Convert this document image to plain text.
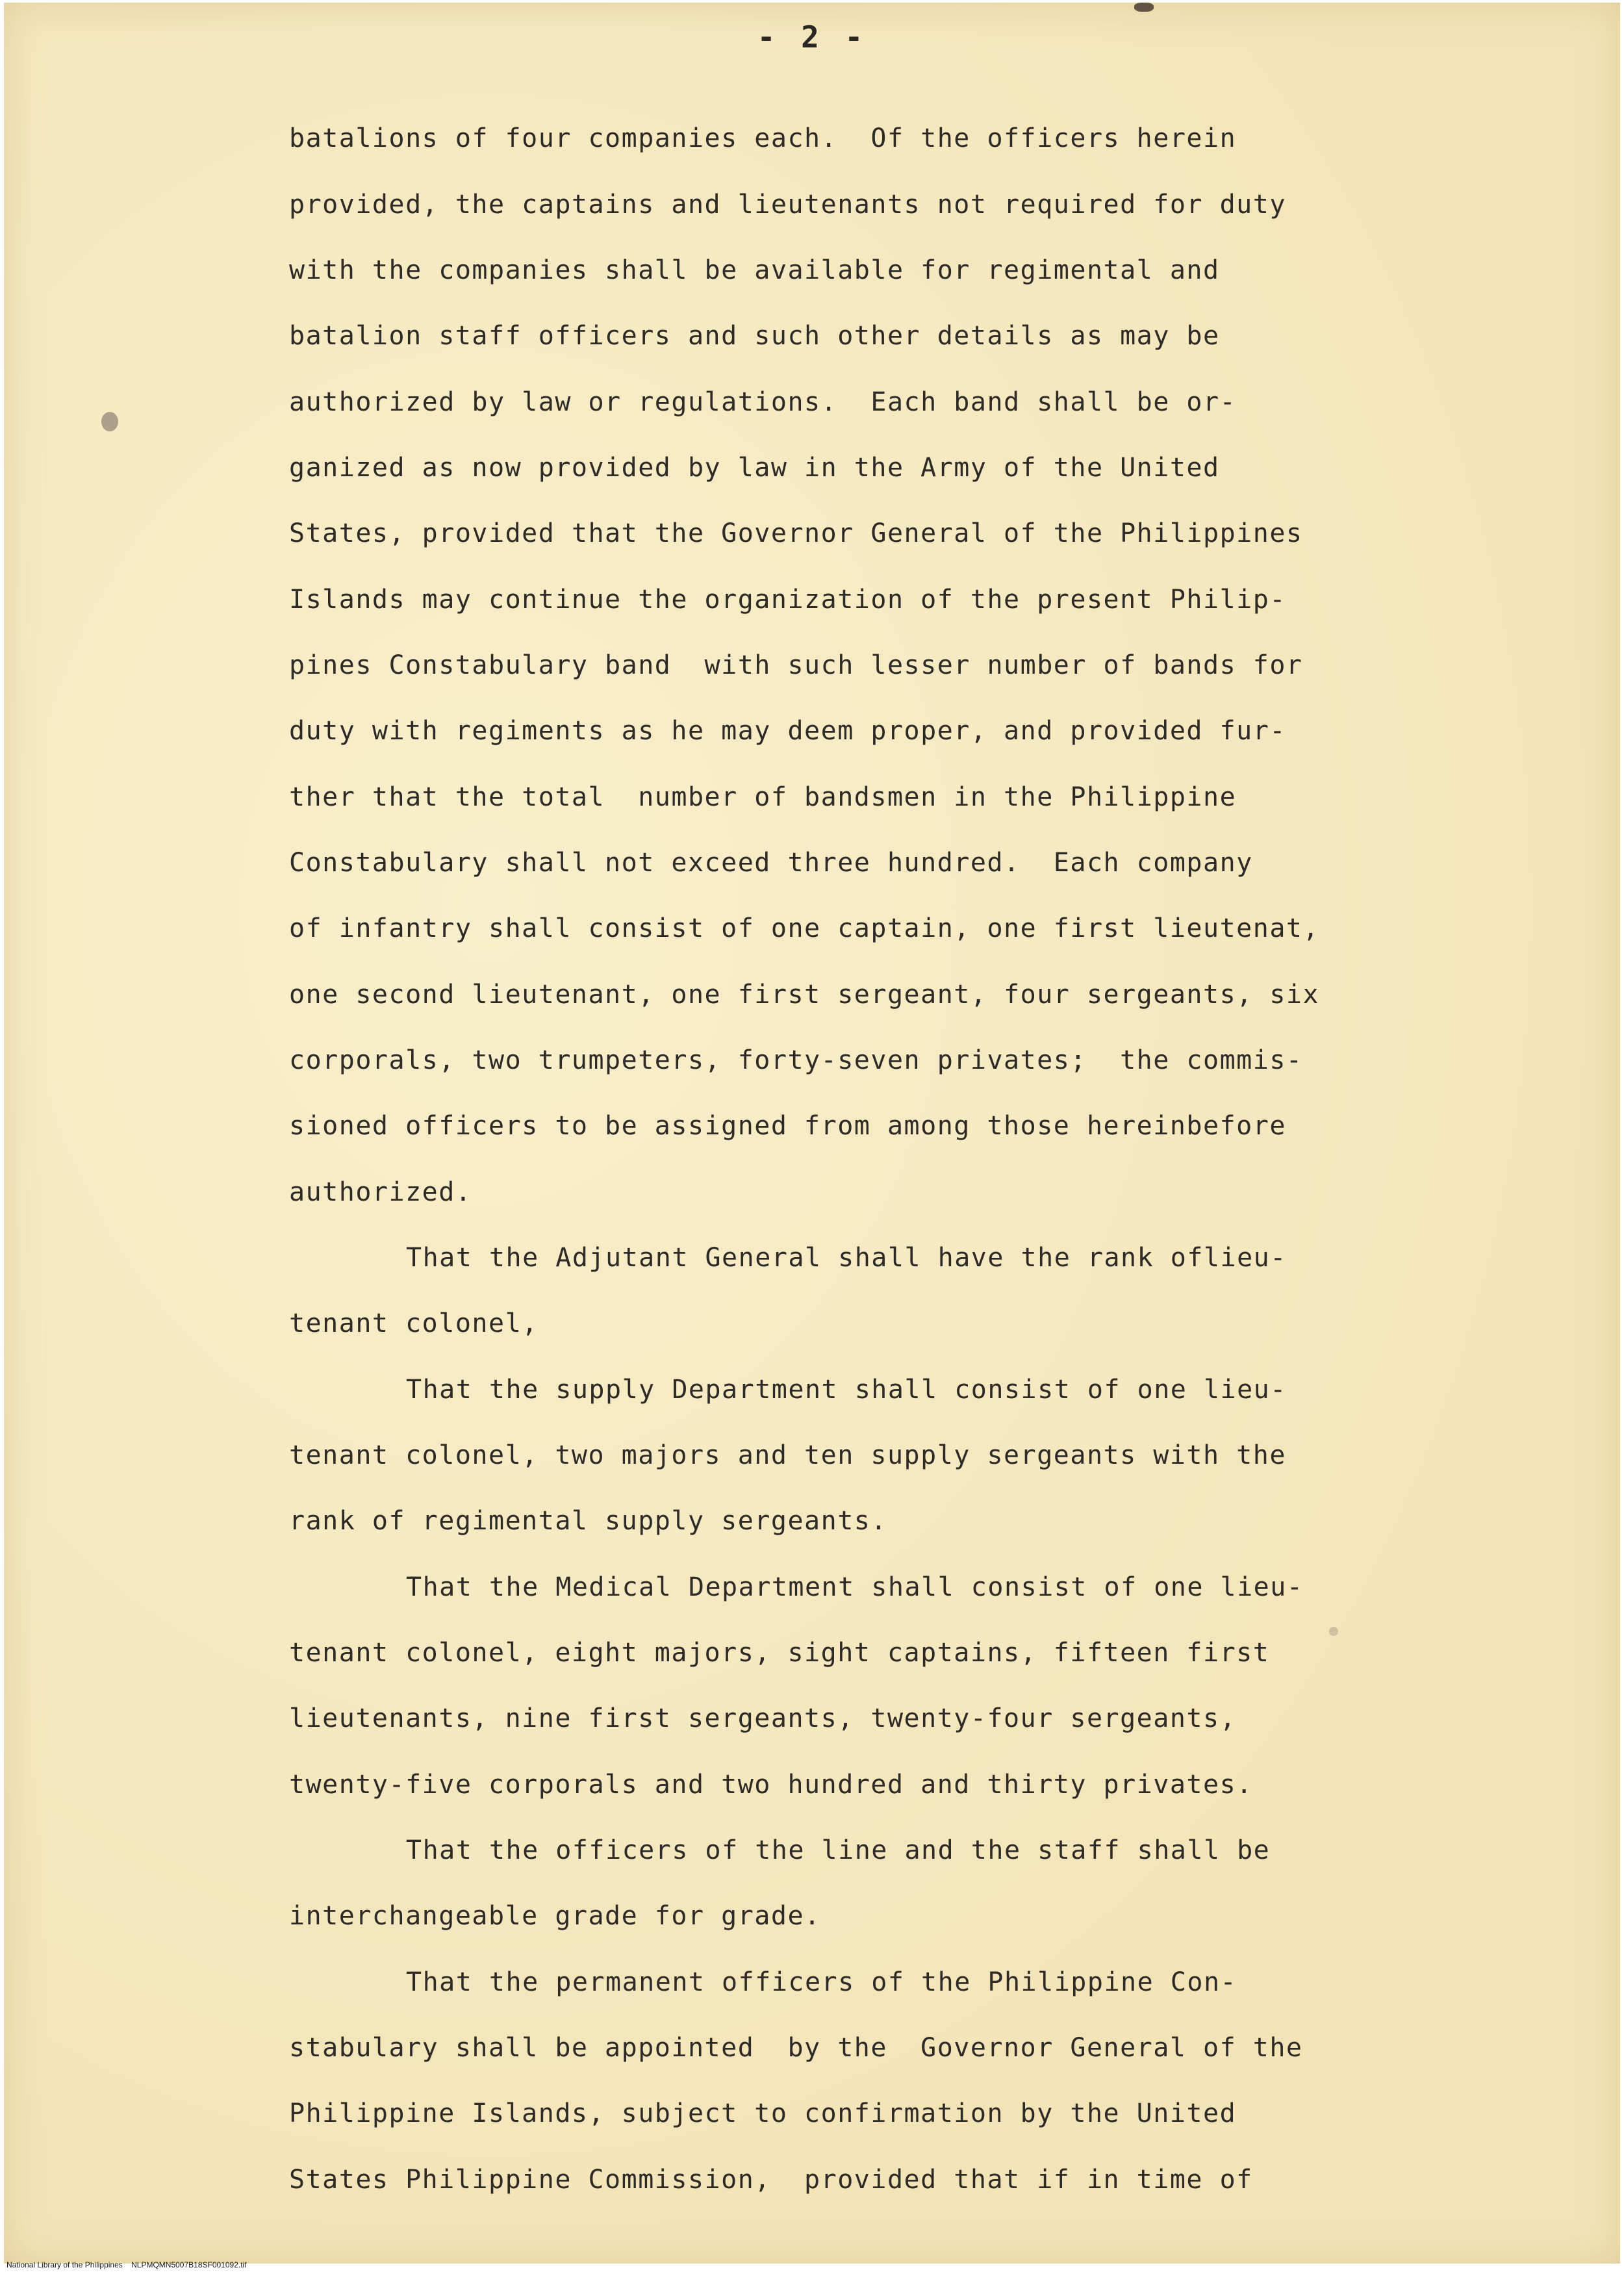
- 2 -
batalions of four companies each.  Of the officers herein
provided, the captains and lieutenants not required for duty
with the companies shall be available for regimental and
batalion staff officers and such other details as may be
authorized by law or regulations.  Each band shall be or-
ganized as now provided by law in the Army of the United
States, provided that the Governor General of the Philippines
Islands may continue the organization of the present Philip-
pines Constabulary band  with such lesser number of bands for
duty with regiments as he may deem proper, and provided fur-
ther that the total  number of bandsmen in the Philippine
Constabulary shall not exceed three hundred.  Each company
of infantry shall consist of one captain, one first lieutenat,
one second lieutenant, one first sergeant, four sergeants, six
corporals, two trumpeters, forty-seven privates;  the commis-
sioned officers to be assigned from among those hereinbefore
authorized.
That the Adjutant General shall have the rank oflieu-
tenant colonel,
That the supply Department shall consist of one lieu-
tenant colonel, two majors and ten supply sergeants with the
rank of regimental supply sergeants.
That the Medical Department shall consist of one lieu-
tenant colonel, eight majors, sight captains, fifteen first
lieutenants, nine first sergeants, twenty-four sergeants,
twenty-five corporals and two hundred and thirty privates.
That the officers of the line and the staff shall be
interchangeable grade for grade.
That the permanent officers of the Philippine Con-
stabulary shall be appointed  by the  Governor General of the
Philippine Islands, subject to confirmation by the United
States Philippine Commission,  provided that if in time of
National Library of the Philippines    NLPMQMN5007B18SF001092.tif
